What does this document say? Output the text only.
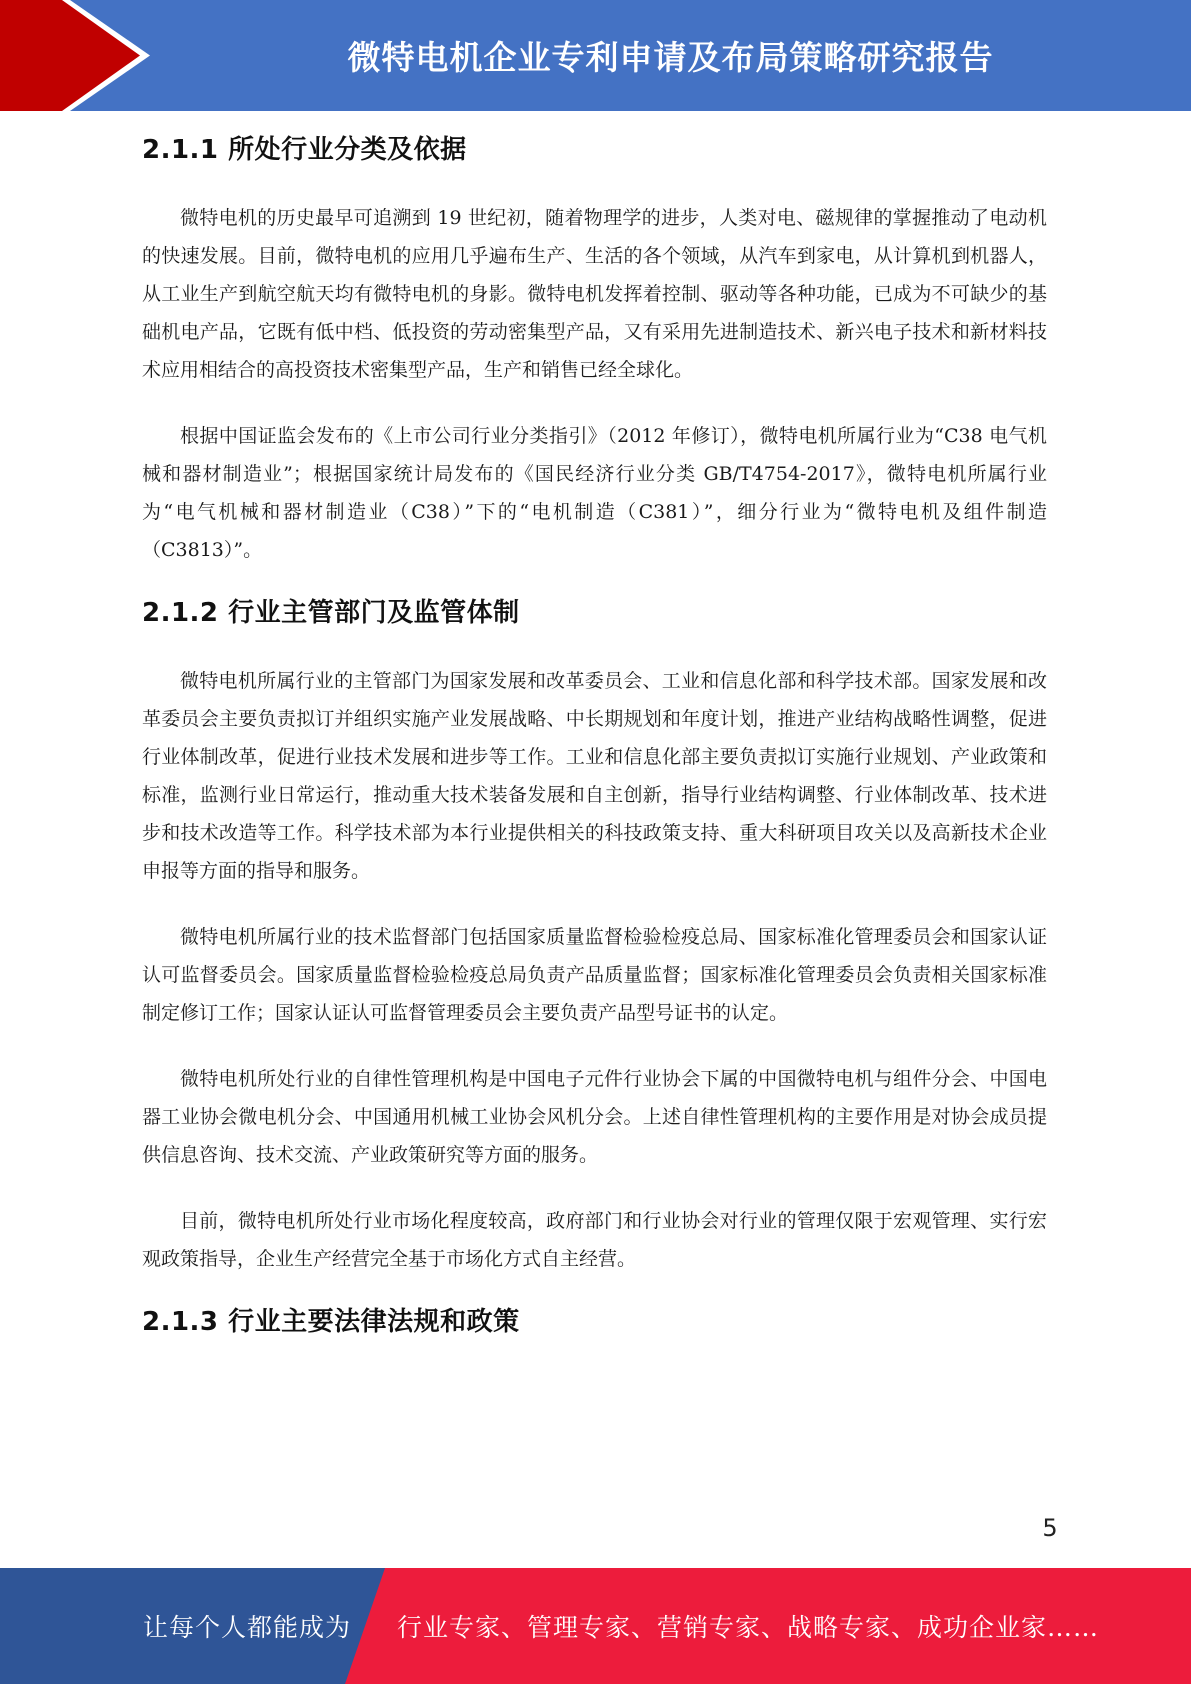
微特电机企业专利申请及布局策略研究报告
2.1.1 所处行业分类及依据

微特电机的历史最早可追溯到 19 世纪初，随着物理学的进步，人类对电、磁规律的掌握推动了电动机的快速发展。目前，微特电机的应用几乎遍布生产、生活的各个领域，从汽车到家电，从计算机到机器人，从工业生产到航空航天均有微特电机的身影。微特电机发挥着控制、驱动等各种功能，已成为不可缺少的基础机电产品，它既有低中档、低投资的劳动密集型产品，又有采用先进制造技术、新兴电子技术和新材料技术应用相结合的高投资技术密集型产品，生产和销售已经全球化。

根据中国证监会发布的《上市公司行业分类指引》（2012 年修订），微特电机所属行业为“C38 电气机械和器材制造业”；根据国家统计局发布的《国民经济行业分类 GB/T4754-2017》，微特电机所属行业为“电气机械和器材制造业（C38）”下的“电机制造（C381）”，细分行业为“微特电机及组件制造（C3813）”。

2.1.2 行业主管部门及监管体制

微特电机所属行业的主管部门为国家发展和改革委员会、工业和信息化部和科学技术部。国家发展和改革委员会主要负责拟订并组织实施产业发展战略、中长期规划和年度计划，推进产业结构战略性调整，促进行业体制改革，促进行业技术发展和进步等工作。工业和信息化部主要负责拟订实施行业规划、产业政策和标准，监测行业日常运行，推动重大技术装备发展和自主创新，指导行业结构调整、行业体制改革、技术进步和技术改造等工作。科学技术部为本行业提供相关的科技政策支持、重大科研项目攻关以及高新技术企业申报等方面的指导和服务。

微特电机所属行业的技术监督部门包括国家质量监督检验检疫总局、国家标准化管理委员会和国家认证认可监督委员会。国家质量监督检验检疫总局负责产品质量监督；国家标准化管理委员会负责相关国家标准制定修订工作；国家认证认可监督管理委员会主要负责产品型号证书的认定。

微特电机所处行业的自律性管理机构是中国电子元件行业协会下属的中国微特电机与组件分会、中国电器工业协会微电机分会、中国通用机械工业协会风机分会。上述自律性管理机构的主要作用是对协会成员提供信息咨询、技术交流、产业政策研究等方面的服务。

目前，微特电机所处行业市场化程度较高，政府部门和行业协会对行业的管理仅限于宏观管理、实行宏观政策指导，企业生产经营完全基于市场化方式自主经营。

2.1.3 行业主要法律法规和政策
5
让每个人都能成为 行业专家、管理专家、营销专家、战略专家、成功企业家……
